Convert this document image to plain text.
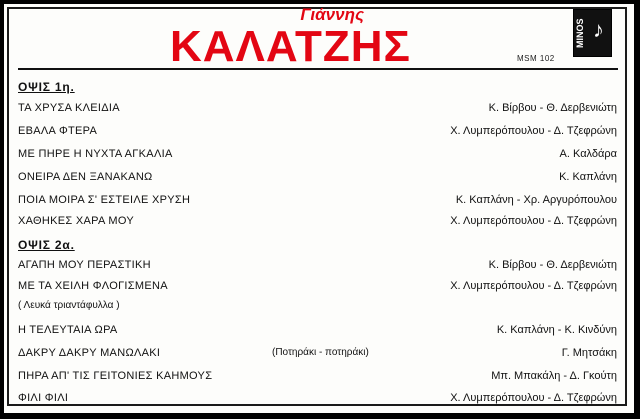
Γιάννης
ΚΑΛΑΤΖΗΣ	MINOS ♪
MSM 102
ΟΨΙΣ 1η.
ΤΑ ΧΡΥΣΑ ΚΛΕΙΔΙΑ	Κ. Βίρβου - Θ. Δερβενιώτη
ΕΒΑΛΑ ΦΤΕΡΑ	Χ. Λυμπερόπουλου - Δ. Τζεφρώνη
ΜΕ ΠΗΡΕ Η ΝΥΧΤΑ ΑΓΚΑΛΙΑ	Α. Καλδάρα
ΟΝΕΙΡΑ ΔΕΝ ΞΑΝΑΚΑΝΩ	Κ. Καπλάνη
ΠΟΙΑ ΜΟΙΡΑ Σ' ΕΣΤΕΙΛΕ ΧΡΥΣΗ	Κ. Καπλάνη - Χρ. Αργυρόπουλου
ΧΑΘΗΚΕΣ ΧΑΡΑ ΜΟΥ	Χ. Λυμπερόπουλου - Δ. Τζεφρώνη
ΟΨΙΣ 2α.
ΑΓΑΠΗ ΜΟΥ ΠΕΡΑΣΤΙΚΗ	Κ. Βίρβου - Θ. Δερβενιώτη
ΜΕ ΤΑ ΧΕΙΛΗ ΦΛΟΓΙΣΜΕΝΑ	Χ. Λυμπερόπουλου - Δ. Τζεφρώνη
( Λευκά τριαντάφυλλα )
Η ΤΕΛΕΥΤΑΙΑ ΩΡΑ	Κ. Καπλάνη - Κ. Κινδύνη
ΔΑΚΡΥ ΔΑΚΡΥ ΜΑΝΩΛΑΚΙ	(Ποτηράκι - ποτηράκι)	Γ. Μητσάκη
ΠΗΡΑ ΑΠ' ΤΙΣ ΓΕΙΤΟΝΙΕΣ ΚΑΗΜΟΥΣ	Μπ. Μπακάλη - Δ. Γκούτη
ΦΙΛΙ ΦΙΛΙ	Χ. Λυμπερόπουλου - Δ. Τζεφρώνη
